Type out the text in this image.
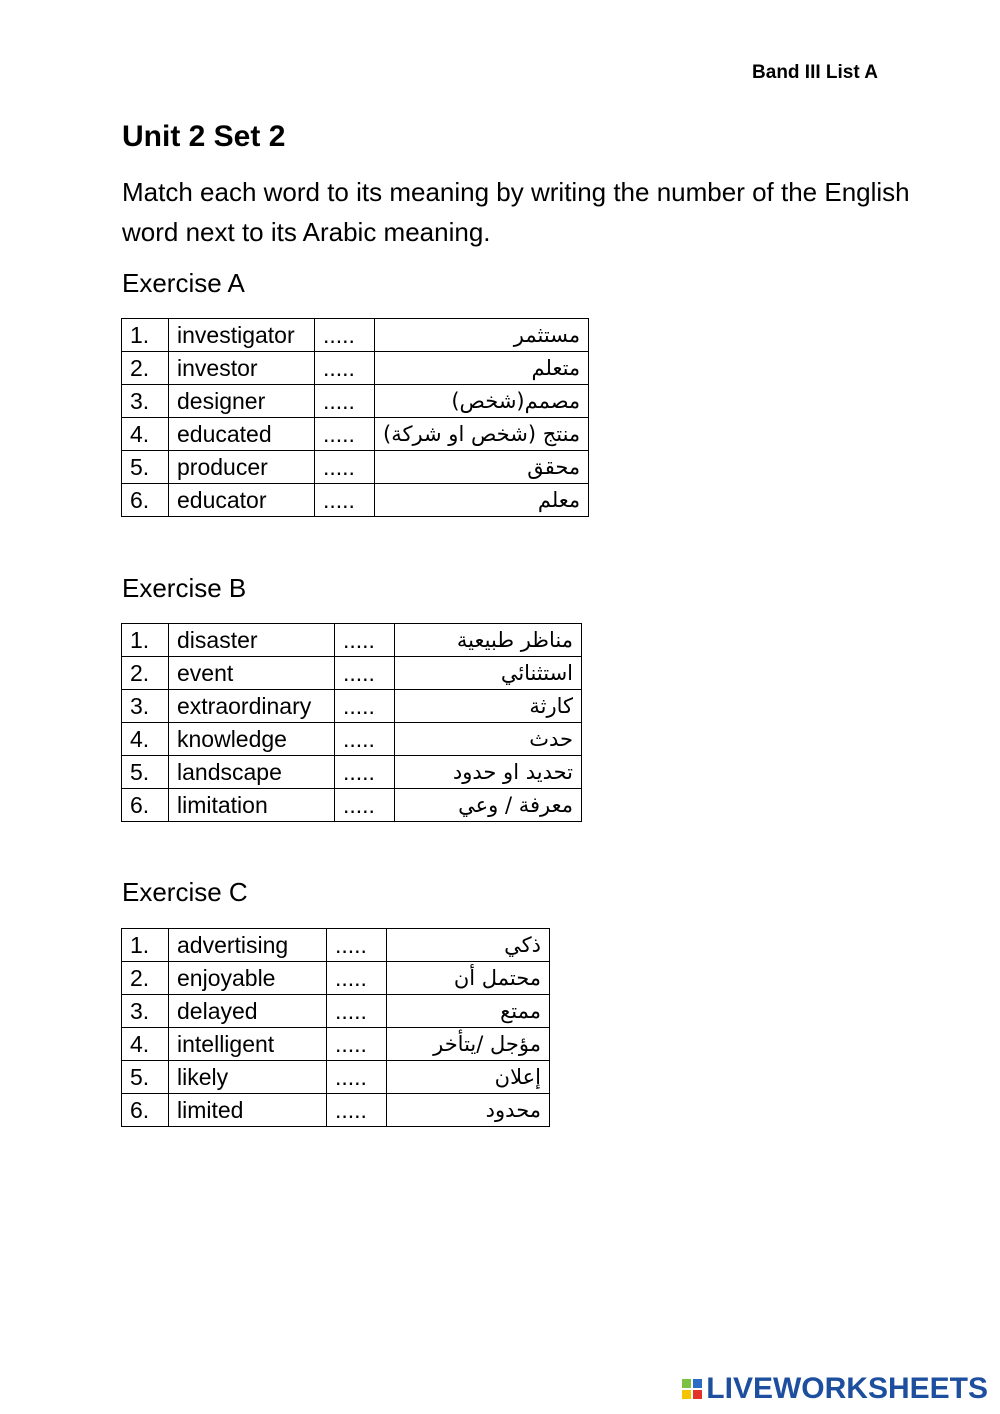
Band III List A
Unit 2 Set 2

Match each word to its meaning by writing the number of the English word next to its Arabic meaning.

Exercise A
1.	investigator	.....	مستثمر
2.	investor	.....	متعلم
3.	designer	.....	مصمم(شخص)
4.	educated	.....	منتج (شخص او شركة)
5.	producer	.....	محقق
6.	educator	.....	معلم
Exercise B
1.	disaster	.....	مناظر طبيعية
2.	event	.....	استثنائي
3.	extraordinary	.....	كارثة
4.	knowledge	.....	حدث
5.	landscape	.....	تحديد او حدود
6.	limitation	.....	معرفة / وعي
Exercise C
1.	advertising	.....	ذكي
2.	enjoyable	.....	محتمل أن
3.	delayed	.....	ممتع
4.	intelligent	.....	مؤجل /يتأخر
5.	likely	.....	إعلان
6.	limited	.....	محدود
LIVEWORKSHEETS
